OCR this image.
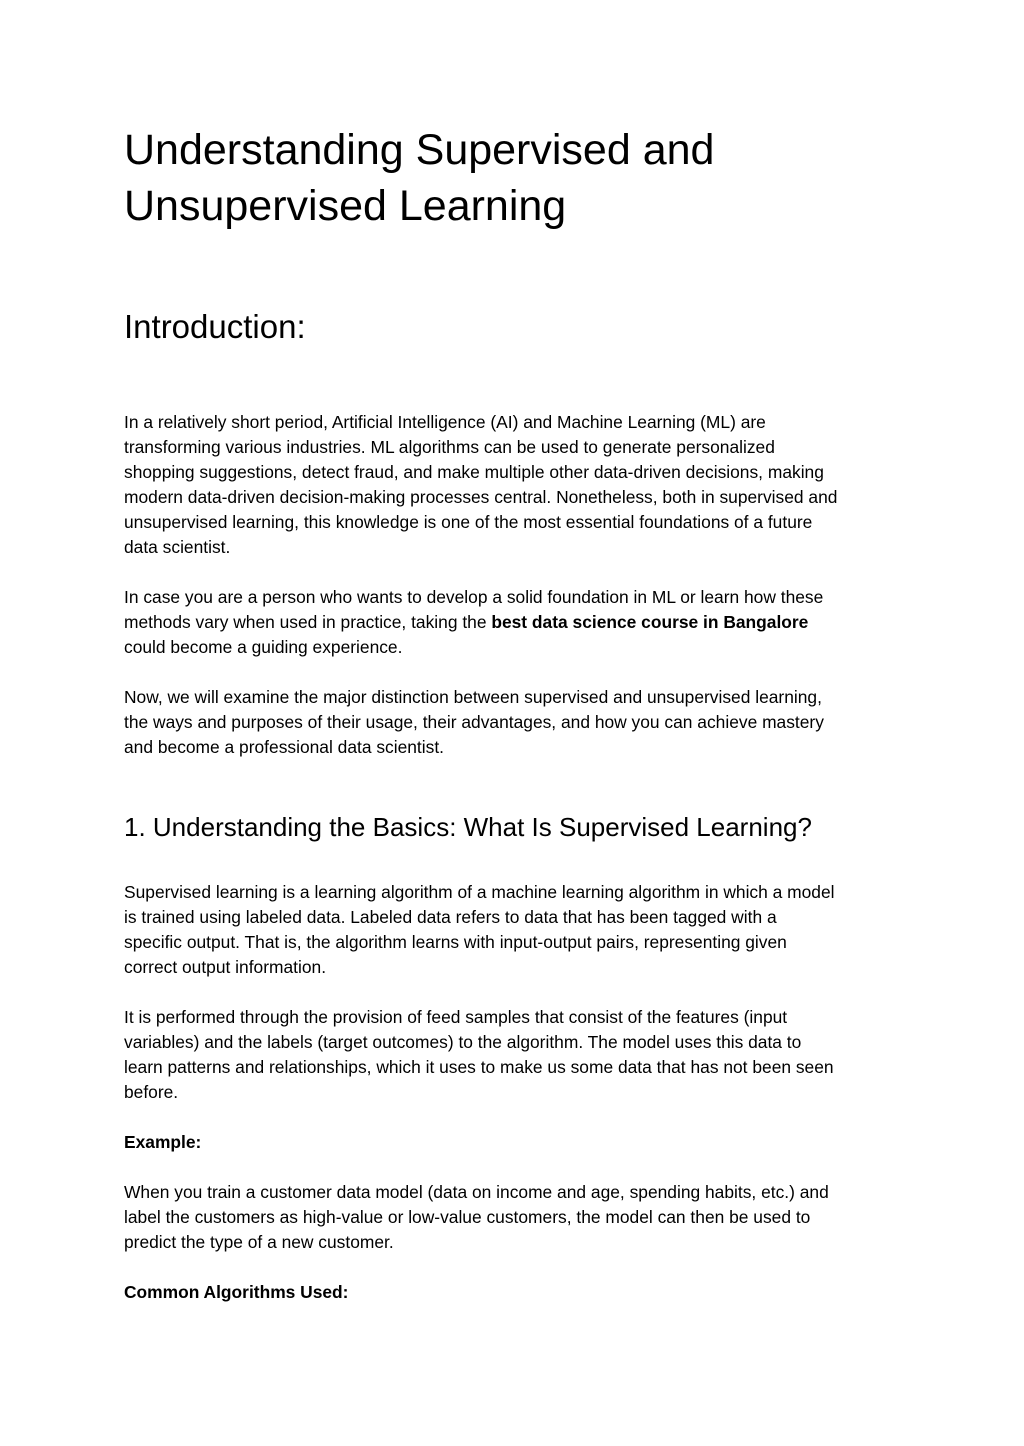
Understanding Supervised and
Unsupervised Learning
Introduction:

In a relatively short period, Artificial Intelligence (AI) and Machine Learning (ML) are
transforming various industries. ML algorithms can be used to generate personalized
shopping suggestions, detect fraud, and make multiple other data-driven decisions, making
modern data-driven decision-making processes central. Nonetheless, both in supervised and
unsupervised learning, this knowledge is one of the most essential foundations of a future
data scientist.

In case you are a person who wants to develop a solid foundation in ML or learn how these
methods vary when used in practice, taking the best data science course in Bangalore
could become a guiding experience.

Now, we will examine the major distinction between supervised and unsupervised learning,
the ways and purposes of their usage, their advantages, and how you can achieve mastery
and become a professional data scientist.

1. Understanding the Basics: What Is Supervised Learning?

Supervised learning is a learning algorithm of a machine learning algorithm in which a model
is trained using labeled data. Labeled data refers to data that has been tagged with a
specific output. That is, the algorithm learns with input-output pairs, representing given
correct output information.

It is performed through the provision of feed samples that consist of the features (input
variables) and the labels (target outcomes) to the algorithm. The model uses this data to
learn patterns and relationships, which it uses to make us some data that has not been seen
before.

Example:

When you train a customer data model (data on income and age, spending habits, etc.) and
label the customers as high-value or low-value customers, the model can then be used to
predict the type of a new customer.

Common Algorithms Used:
